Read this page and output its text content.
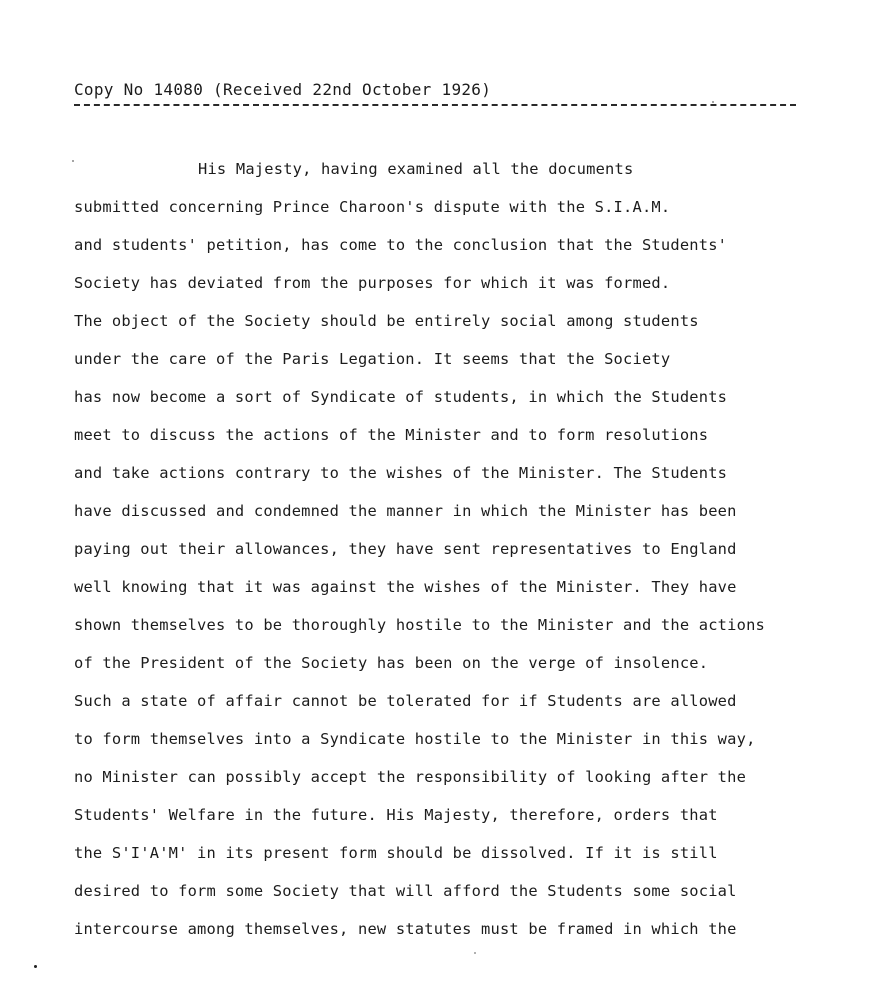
Copy No 14080 (Received 22nd October 1926)
His Majesty, having examined all the documents
submitted concerning Prince Charoon's dispute with the S.I.A.M.
and students' petition, has come to the conclusion that the Students'
Society has deviated from the purposes for which it was formed.
The object of the Society should be entirely social among students
under the care of the Paris Legation. It seems that the Society
has now become a sort of Syndicate of students, in which the Students
meet to discuss the actions of the Minister and to form resolutions
and take actions contrary to the wishes of the Minister. The Students
have discussed and condemned the manner in which the Minister has been
paying out their allowances, they have sent representatives to England
well knowing that it was against the wishes of the Minister. They have
shown themselves to be thoroughly hostile to the Minister and the actions
of the President of the Society has been on the verge of insolence.
Such a state of affair cannot be tolerated for if Students are allowed
to form themselves into a Syndicate hostile to the Minister in this way,
no Minister can possibly accept the responsibility of looking after the
Students' Welfare in the future. His Majesty, therefore, orders that
the S'I'A'M' in its present form should be dissolved. If it is still
desired to form some Society that will afford the Students some social
intercourse among themselves, new statutes must be framed in which the
